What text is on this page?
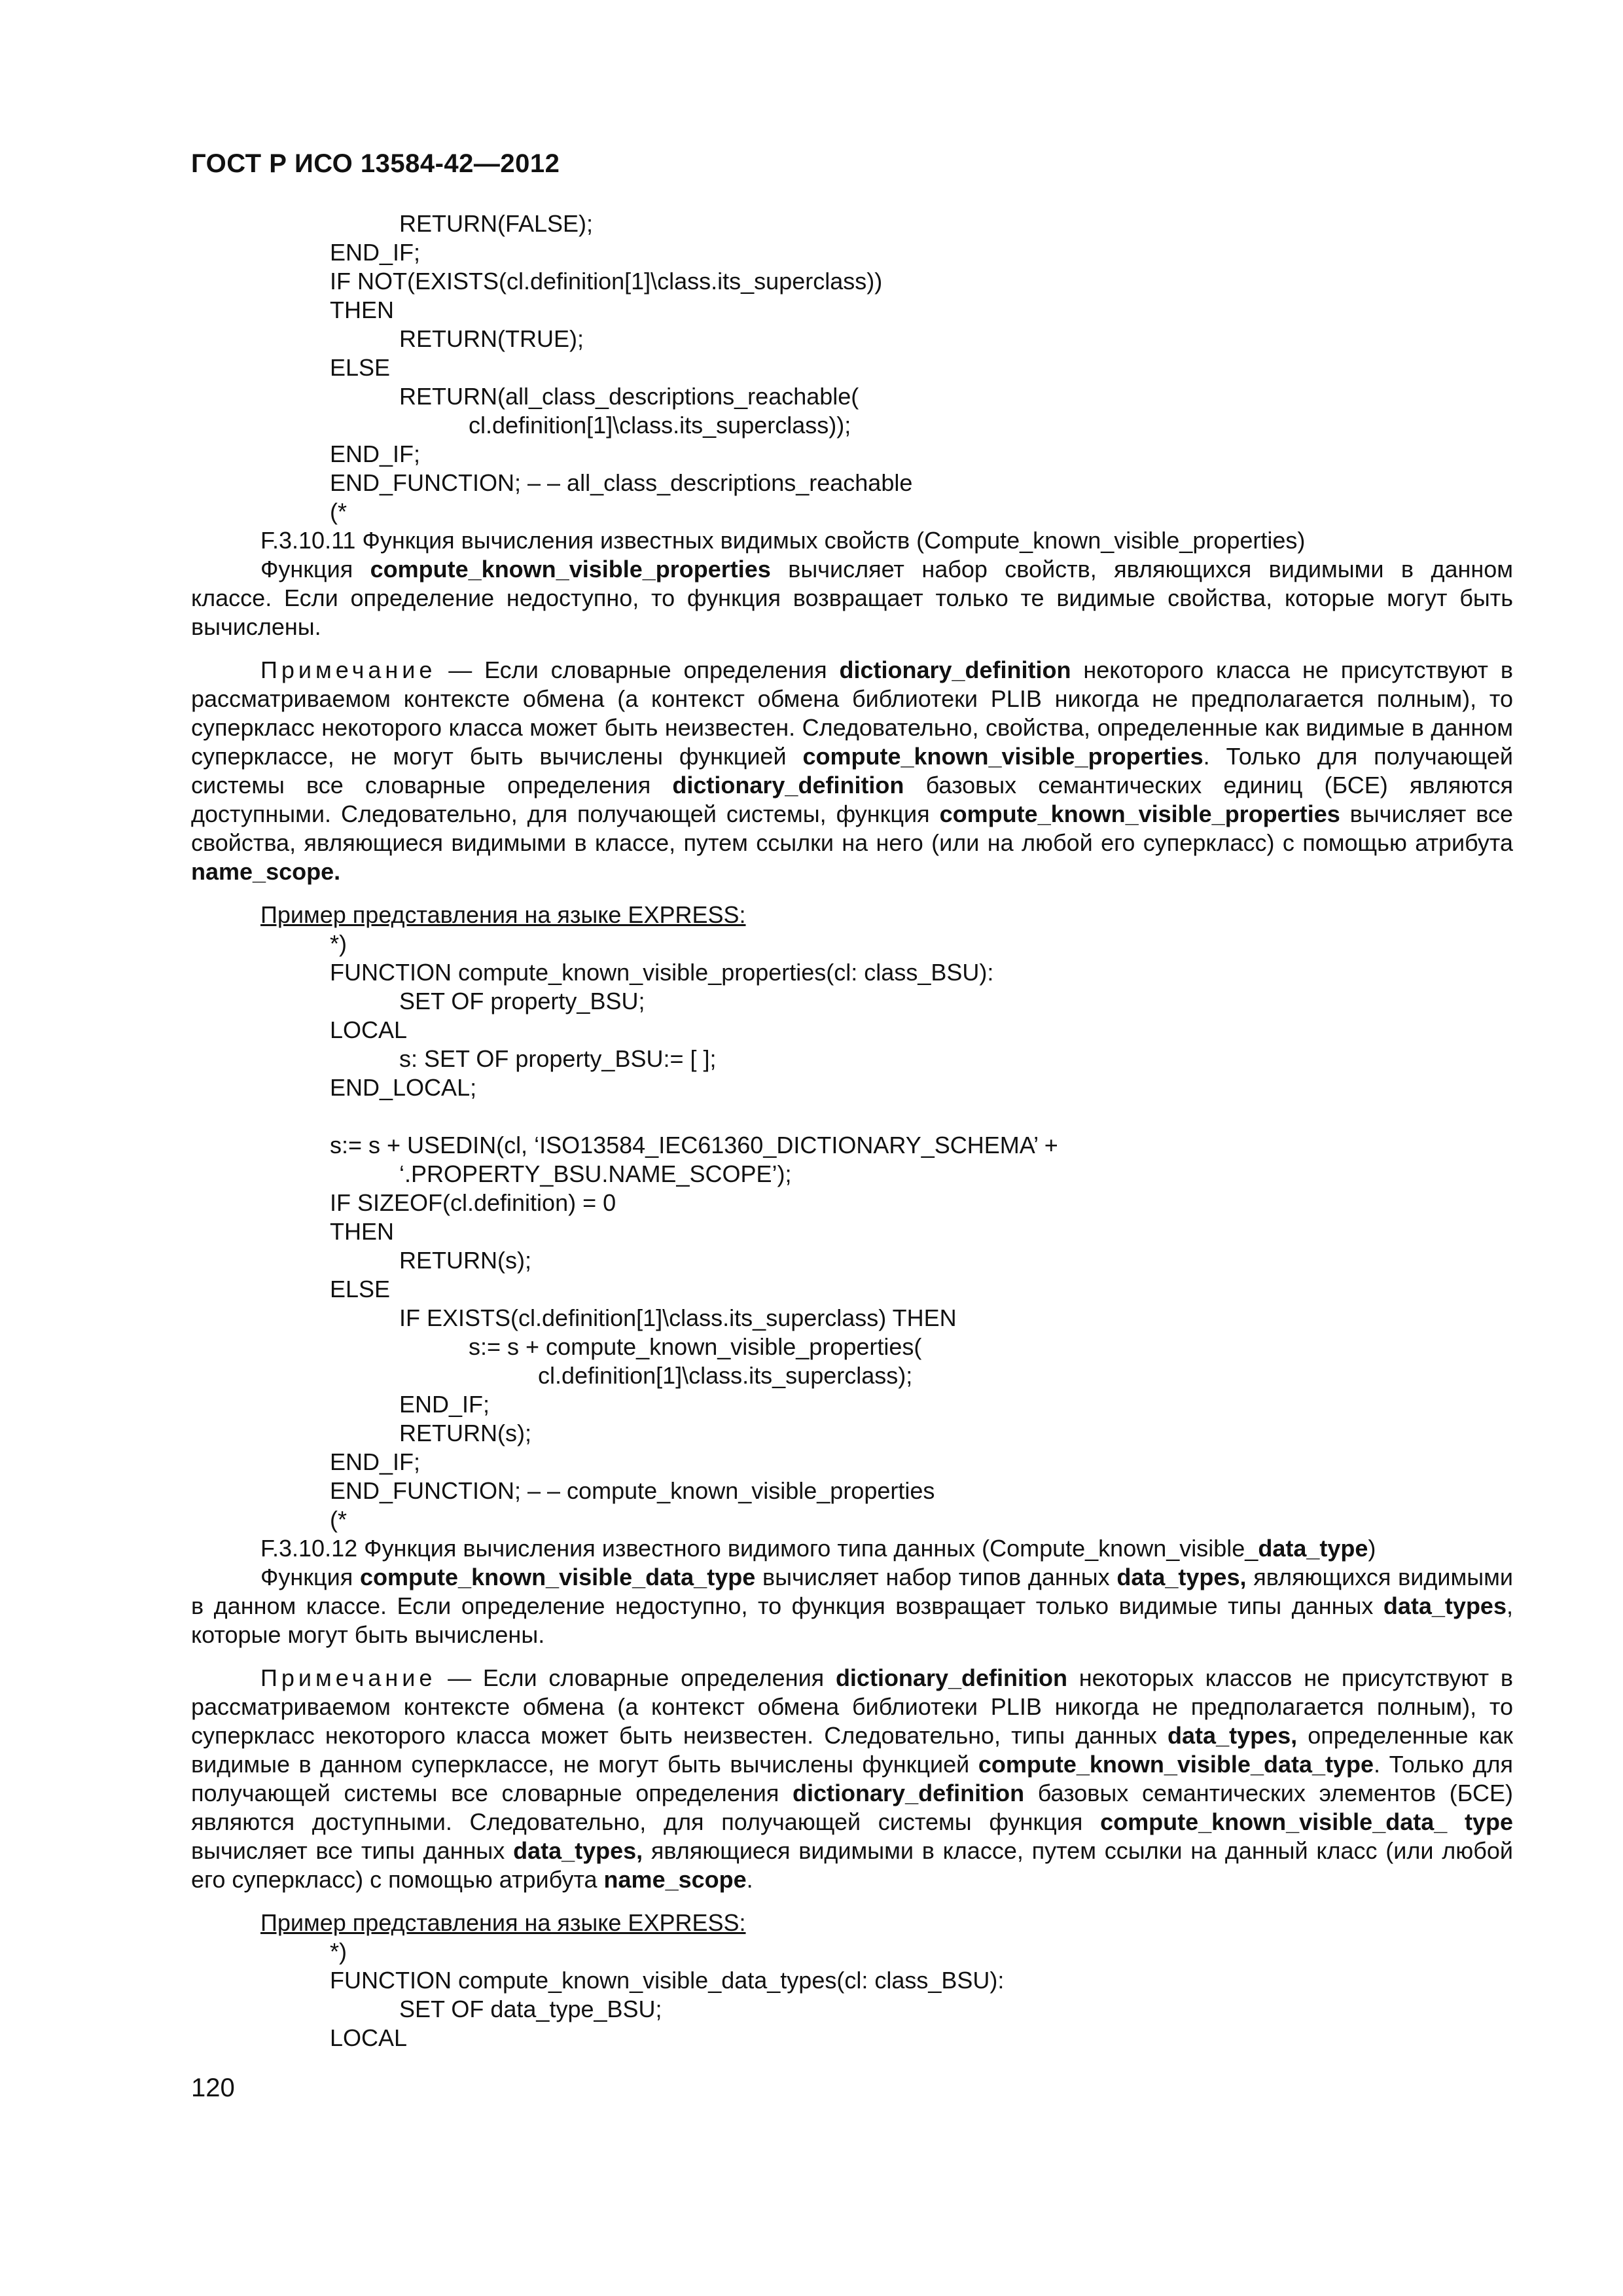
ГОСТ Р ИСО 13584-42—2012
RETURN(FALSE);
END_IF;
IF NOT(EXISTS(cl.definition[1]\class.its_superclass))
THEN
RETURN(TRUE);
ELSE
RETURN(all_class_descriptions_reachable(
cl.definition[1]\class.its_superclass));
END_IF;
END_FUNCTION; – – all_class_descriptions_reachable
(*
F.3.10.11 Функция вычисления известных видимых свойств (Compute_known_visible_properties)

Функция compute_known_visible_properties вычисляет набор свойств, являющихся видимыми в данном классе. Если определение недоступно, то функция возвращает только те видимые свойства, которые могут быть вычислены.

Примечание — Если словарные определения dictionary_definition некоторого класса не присутствуют в рассматриваемом контексте обмена (а контекст обмена библиотеки PLIB никогда не предполагается полным), то суперкласс некоторого класса может быть неизвестен. Следовательно, свойства, определенные как видимые в данном суперклассе, не могут быть вычислены функцией compute_known_visible_properties. Только для получающей системы все словарные определения dictionary_definition базовых семантических единиц (БСЕ) являются доступными. Следовательно, для получающей системы, функция compute_known_visible_properties вычисляет все свойства, являющиеся видимыми в классе, путем ссылки на него (или на любой его суперкласс) с помощью атрибута name_scope.

Пример представления на языке EXPRESS:
*)
FUNCTION compute_known_visible_properties(cl: class_BSU):
SET OF property_BSU;
LOCAL
s: SET OF property_BSU:= [ ];
END_LOCAL;
s:= s + USEDIN(cl, ‘ISO13584_IEC61360_DICTIONARY_SCHEMA’ +
‘.PROPERTY_BSU.NAME_SCOPE’);
IF SIZEOF(cl.definition) = 0
THEN
RETURN(s);
ELSE
IF EXISTS(cl.definition[1]\class.its_superclass) THEN
s:= s + compute_known_visible_properties(
cl.definition[1]\class.its_superclass);
END_IF;
RETURN(s);
END_IF;
END_FUNCTION; – – compute_known_visible_properties
(*
F.3.10.12 Функция вычисления известного видимого типа данных (Compute_known_visible_data_type)

Функция compute_known_visible_data_type вычисляет набор типов данных data_types, являющихся видимыми в данном классе. Если определение недоступно, то функция возвращает только видимые типы данных data_types, которые могут быть вычислены.

Примечание — Если словарные определения dictionary_definition некоторых классов не присутствуют в рассматриваемом контексте обмена (а контекст обмена библиотеки PLIB никогда не предполагается полным), то суперкласс некоторого класса может быть неизвестен. Следовательно, типы данных data_types, определенные как видимые в данном суперклассе, не могут быть вычислены функцией compute_known_visible_data_type. Только для получающей системы все словарные определения dictionary_definition базовых семантических элементов (БСЕ) являются доступными. Следовательно, для получающей системы функция compute_known_visible_data_ type вычисляет все типы данных data_types, являющиеся видимыми в классе, путем ссылки на данный класс (или любой его суперкласс) с помощью атрибута name_scope.

Пример представления на языке EXPRESS:
*)
FUNCTION compute_known_visible_data_types(cl: class_BSU):
SET OF data_type_BSU;
LOCAL
120
